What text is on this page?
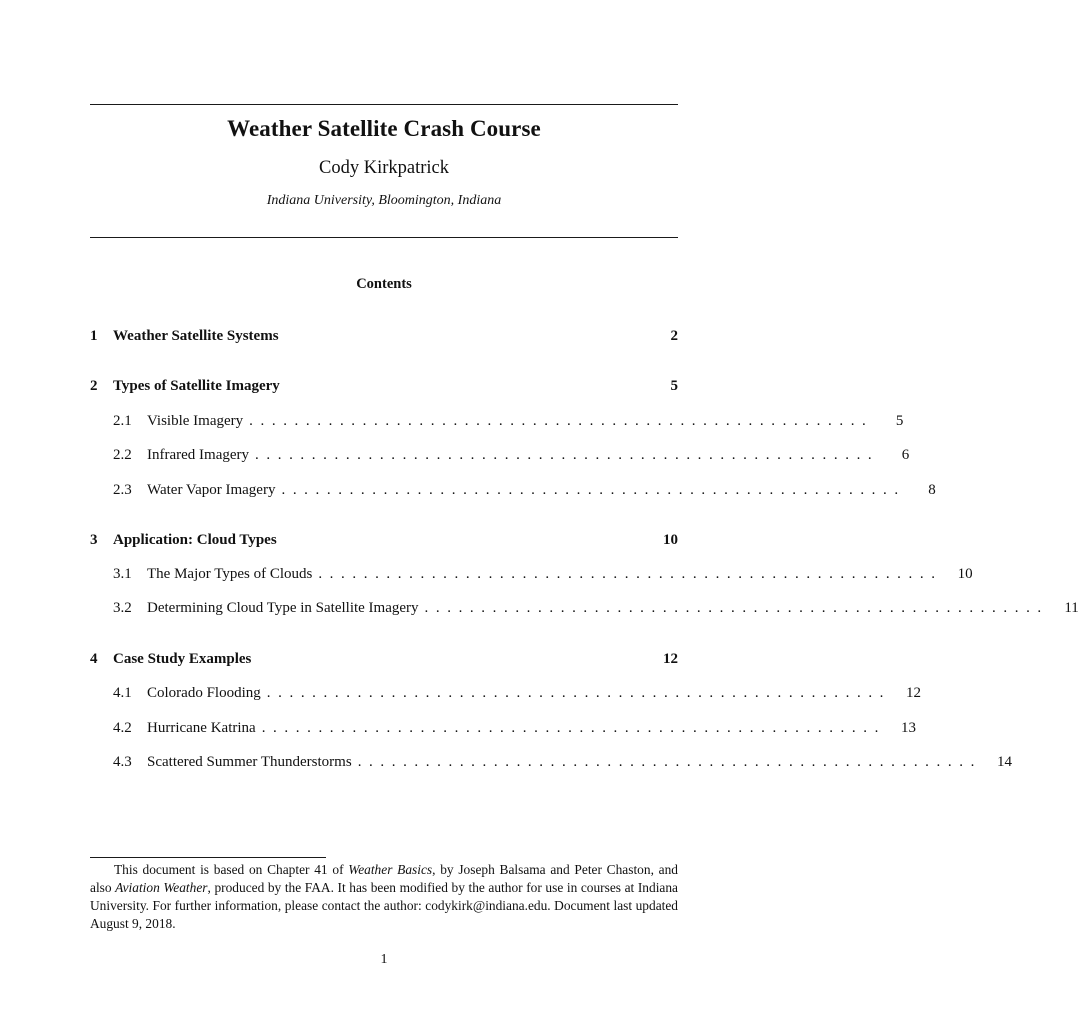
Weather Satellite Crash Course
Cody Kirkpatrick
Indiana University, Bloomington, Indiana
Contents
1	Weather Satellite Systems	2
2	Types of Satellite Imagery	5
2.1	Visible Imagery .......................................................	5
2.2	Infrared Imagery .......................................................	6
2.3	Water Vapor Imagery .......................................................	8
3	Application: Cloud Types	10
3.1	The Major Types of Clouds .......................................................	10
3.2	Determining Cloud Type in Satellite Imagery .......................................................	11
4	Case Study Examples	12
4.1	Colorado Flooding .......................................................	12
4.2	Hurricane Katrina .......................................................	13
4.3	Scattered Summer Thunderstorms .......................................................	14
This document is based on Chapter 41 of Weather Basics, by Joseph Balsama and Peter Chaston, and also Aviation Weather, produced by the FAA. It has been modified by the author for use in courses at Indiana University. For further information, please contact the author: codykirk@indiana.edu. Document last updated August 9, 2018.
1
